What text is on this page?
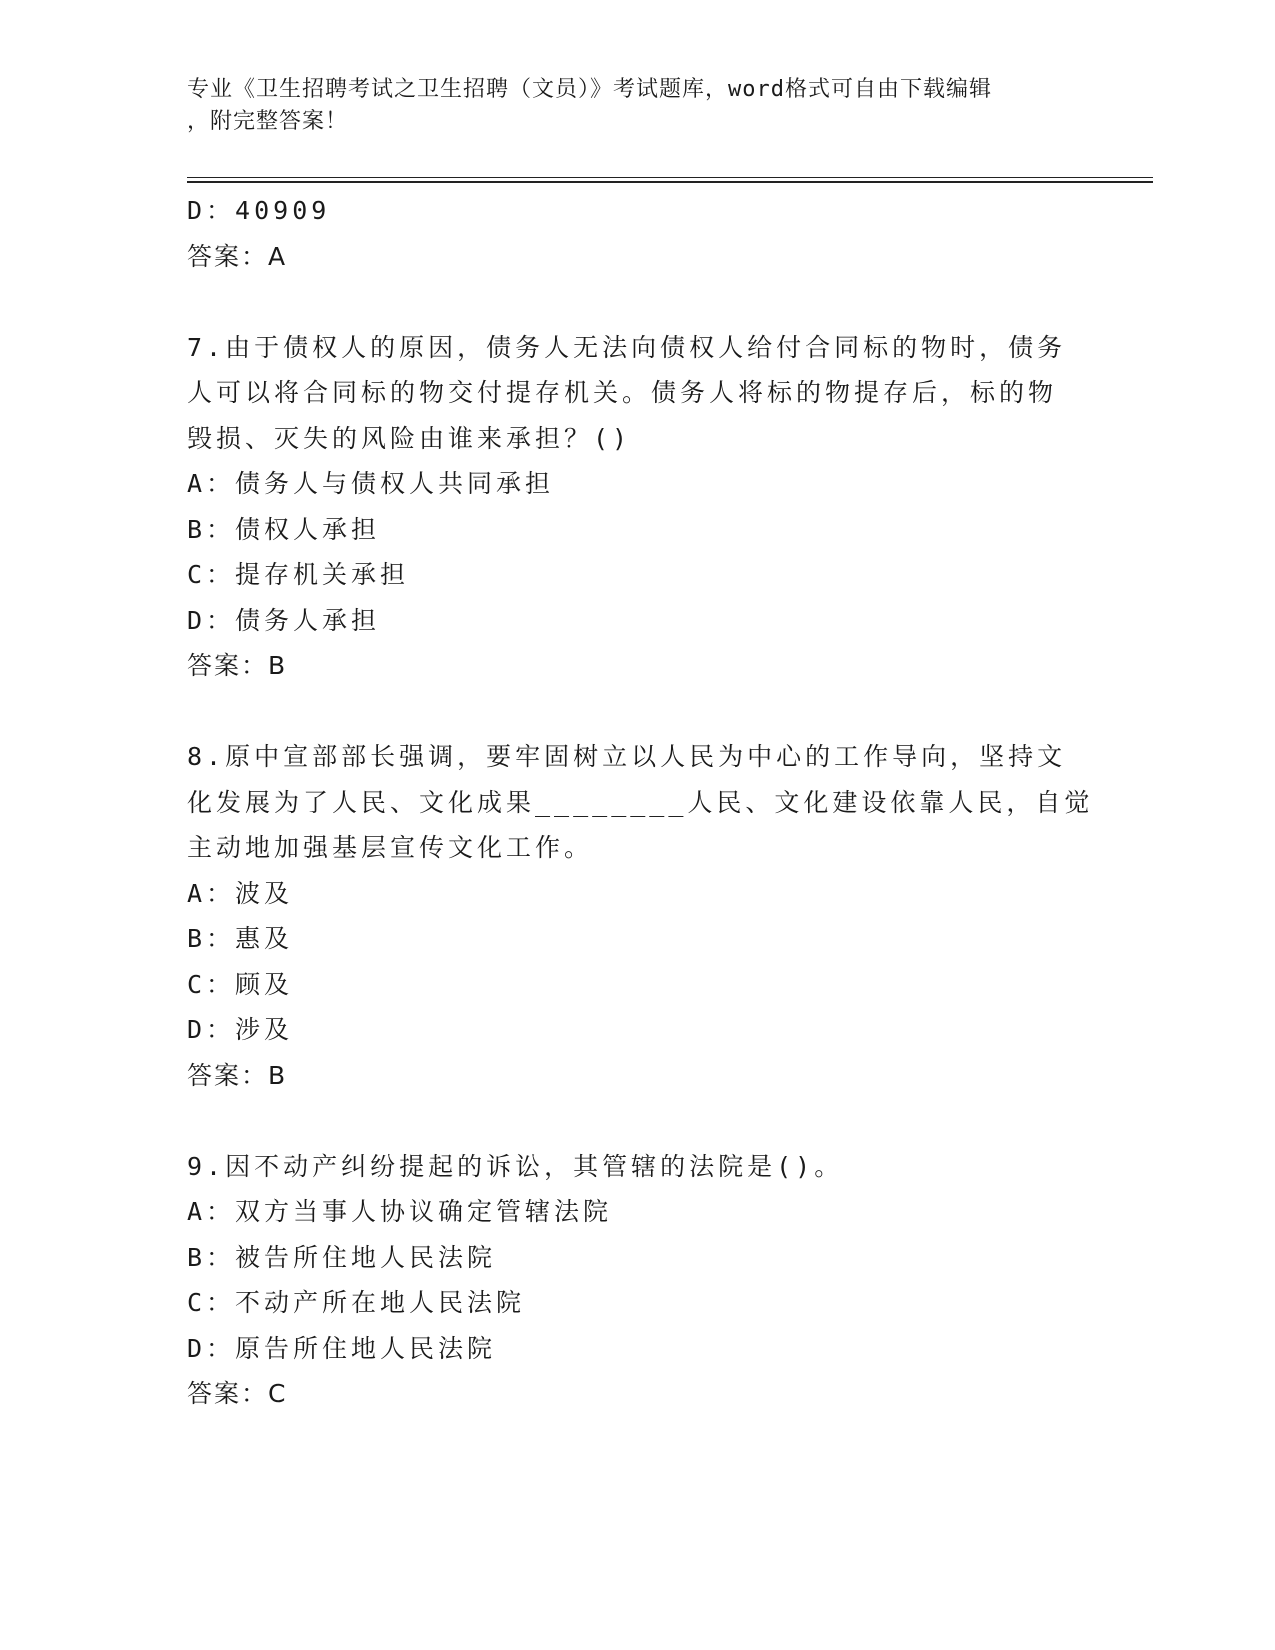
专业《卫生招聘考试之卫生招聘（文员）》考试题库，word格式可自由下载编辑
，附完整答案！

D：40909

答案：A

7.由于债权人的原因，债务人无法向债权人给付合同标的物时，债务

人可以将合同标的物交付提存机关。债务人将标的物提存后，标的物

毁损、灭失的风险由谁来承担？()

A：债务人与债权人共同承担

B：债权人承担

C：提存机关承担

D：债务人承担

答案：B

8.原中宣部部长强调，要牢固树立以人民为中心的工作导向，坚持文

化发展为了人民、文化成果________人民、文化建设依靠人民，自觉

主动地加强基层宣传文化工作。

A：波及

B：惠及

C：顾及

D：涉及

答案：B

9.因不动产纠纷提起的诉讼，其管辖的法院是()。

A：双方当事人协议确定管辖法院

B：被告所住地人民法院

C：不动产所在地人民法院

D：原告所住地人民法院

答案：C
